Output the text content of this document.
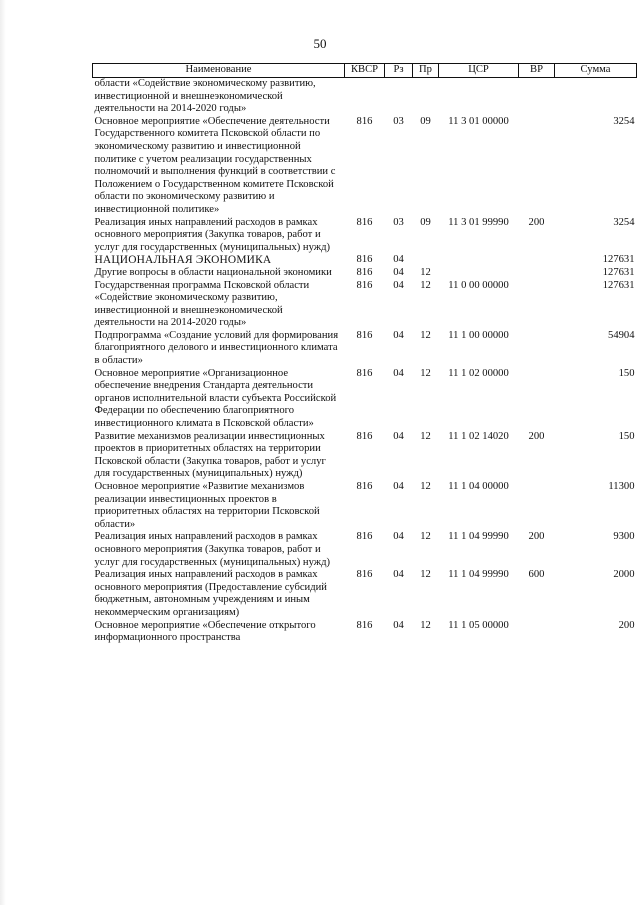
50
Наименование	КВСР	Рз	Пр	ЦСР	ВР	Сумма
области «Содействие экономическому развитию, инвестиционной и внешнеэкономической деятельности на 2014-2020 годы»						
Основное мероприятие «Обеспечение деятельности Государственного комитета Псковской области по экономическому развитию и инвестиционной политике с учетом реализации государственных полномочий и выполнения функций в соответствии с Положением о Государственном комитете Псковской области по экономическому развитию и инвестиционной политике»	816	03	09	11 3 01 00000		3254
Реализация иных направлений расходов в рамках основного мероприятия (Закупка товаров, работ и услуг для государственных (муниципальных) нужд)	816	03	09	11 3 01 99990	200	3254
НАЦИОНАЛЬНАЯ ЭКОНОМИКА	816	04				127631
Другие вопросы в области национальной экономики	816	04	12			127631
Государственная программа Псковской области «Содействие экономическому развитию, инвестиционной и внешнеэкономической деятельности на 2014-2020 годы»	816	04	12	11 0 00 00000		127631
Подпрограмма «Создание условий для формирования благоприятного делового и инвестиционного климата в области»	816	04	12	11 1 00 00000		54904
Основное мероприятие «Организационное обеспечение внедрения Стандарта деятельности органов исполнительной власти субъекта Российской Федерации по обеспечению благоприятного инвестиционного климата в Псковской области»	816	04	12	11 1 02 00000		150
Развитие механизмов реализации инвестиционных проектов в приоритетных областях на территории Псковской области (Закупка товаров, работ и услуг для государственных (муниципальных) нужд)	816	04	12	11 1 02 14020	200	150
Основное мероприятие «Развитие механизмов реализации инвестиционных проектов в приоритетных областях на территории Псковской области»	816	04	12	11 1 04 00000		11300
Реализация иных направлений расходов в рамках основного мероприятия (Закупка товаров, работ и услуг для государственных (муниципальных) нужд)	816	04	12	11 1 04 99990	200	9300
Реализация иных направлений расходов в рамках основного мероприятия (Предоставление субсидий бюджетным, автономным учреждениям и иным некоммерческим организациям)	816	04	12	11 1 04 99990	600	2000
Основное мероприятие «Обеспечение открытого информационного пространства	816	04	12	11 1 05 00000		200
